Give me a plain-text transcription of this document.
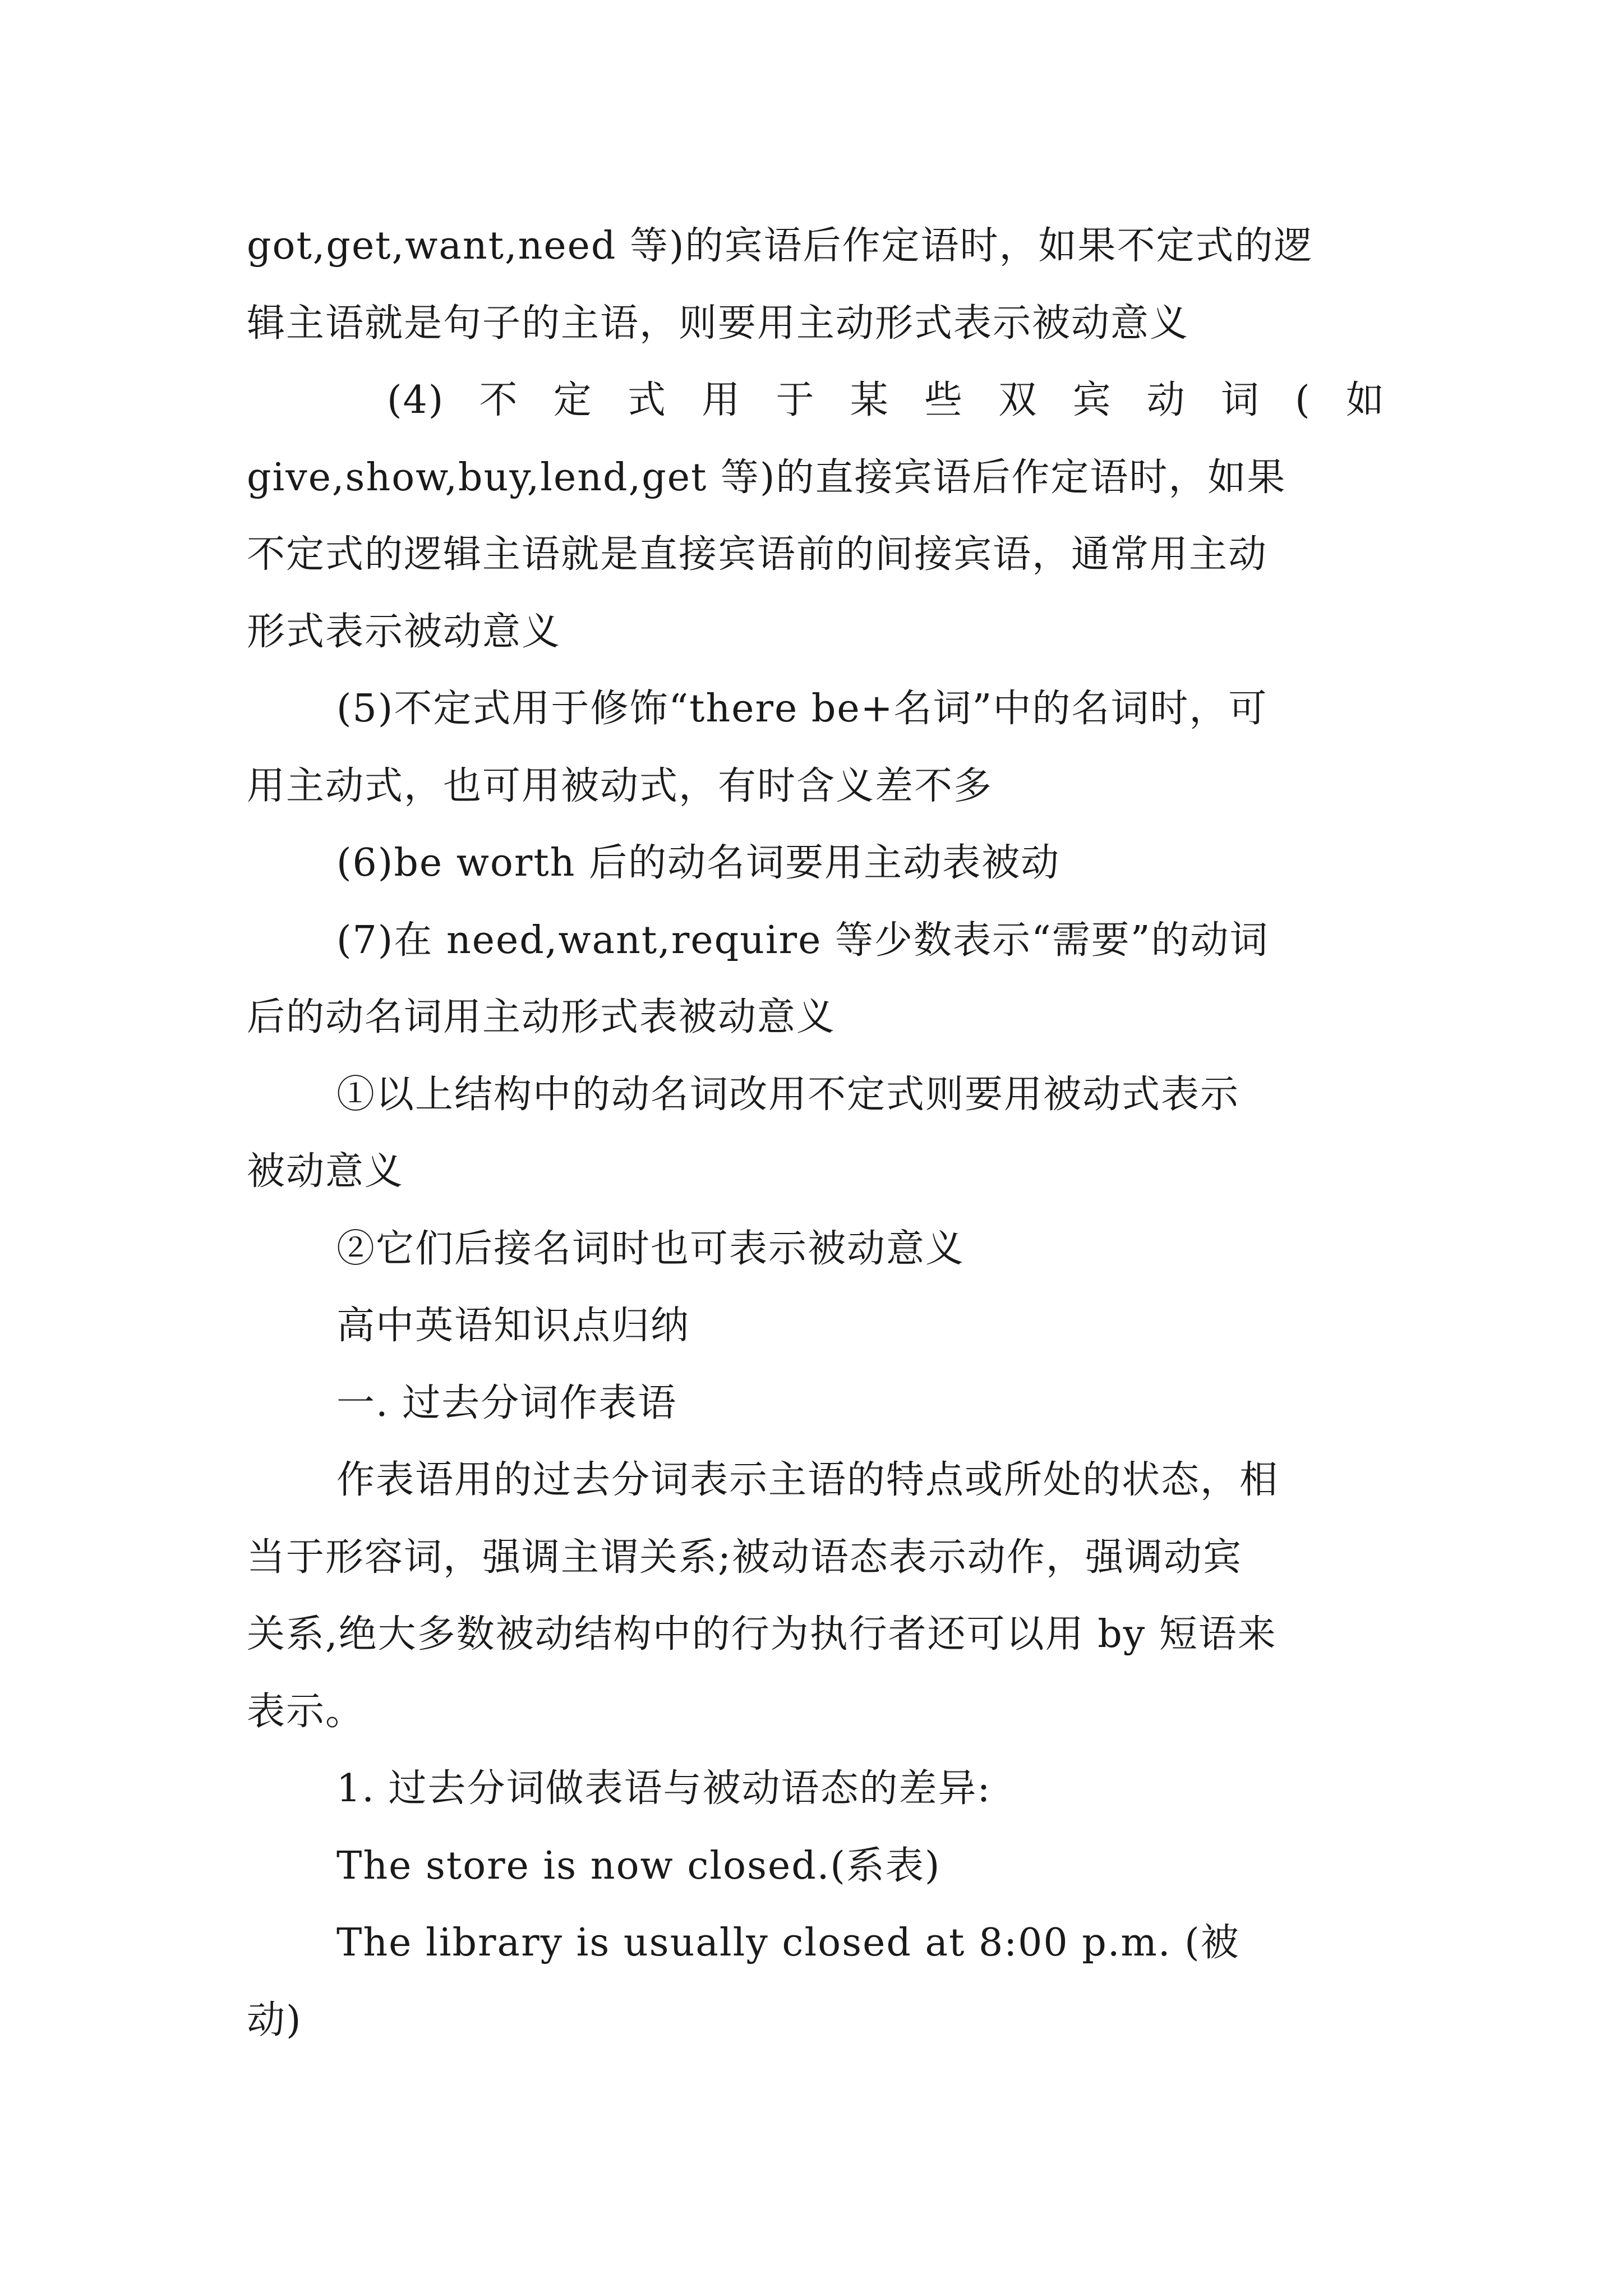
got,get,want,need 等)的宾语后作定语时，如果不定式的逻
辑主语就是句子的主语，则要用主动形式表示被动意义
(4) 不 定 式 用 于 某 些 双 宾 动 词 ( 如
give,show,buy,lend,get 等)的直接宾语后作定语时，如果
不定式的逻辑主语就是直接宾语前的间接宾语，通常用主动
形式表示被动意义
(5)不定式用于修饰“there be+名词”中的名词时，可
用主动式，也可用被动式，有时含义差不多
(6)be worth 后的动名词要用主动表被动
(7)在 need,want,require 等少数表示“需要”的动词
后的动名词用主动形式表被动意义
①以上结构中的动名词改用不定式则要用被动式表示
被动意义
②它们后接名词时也可表示被动意义
高中英语知识点归纳
一. 过去分词作表语
作表语用的过去分词表示主语的特点或所处的状态，相
当于形容词，强调主谓关系;被动语态表示动作，强调动宾
关系,绝大多数被动结构中的行为执行者还可以用 by 短语来
表示。
1. 过去分词做表语与被动语态的差异:
The store is now closed.(系表)
The library is usually closed at 8:00 p.m. (被
动)
